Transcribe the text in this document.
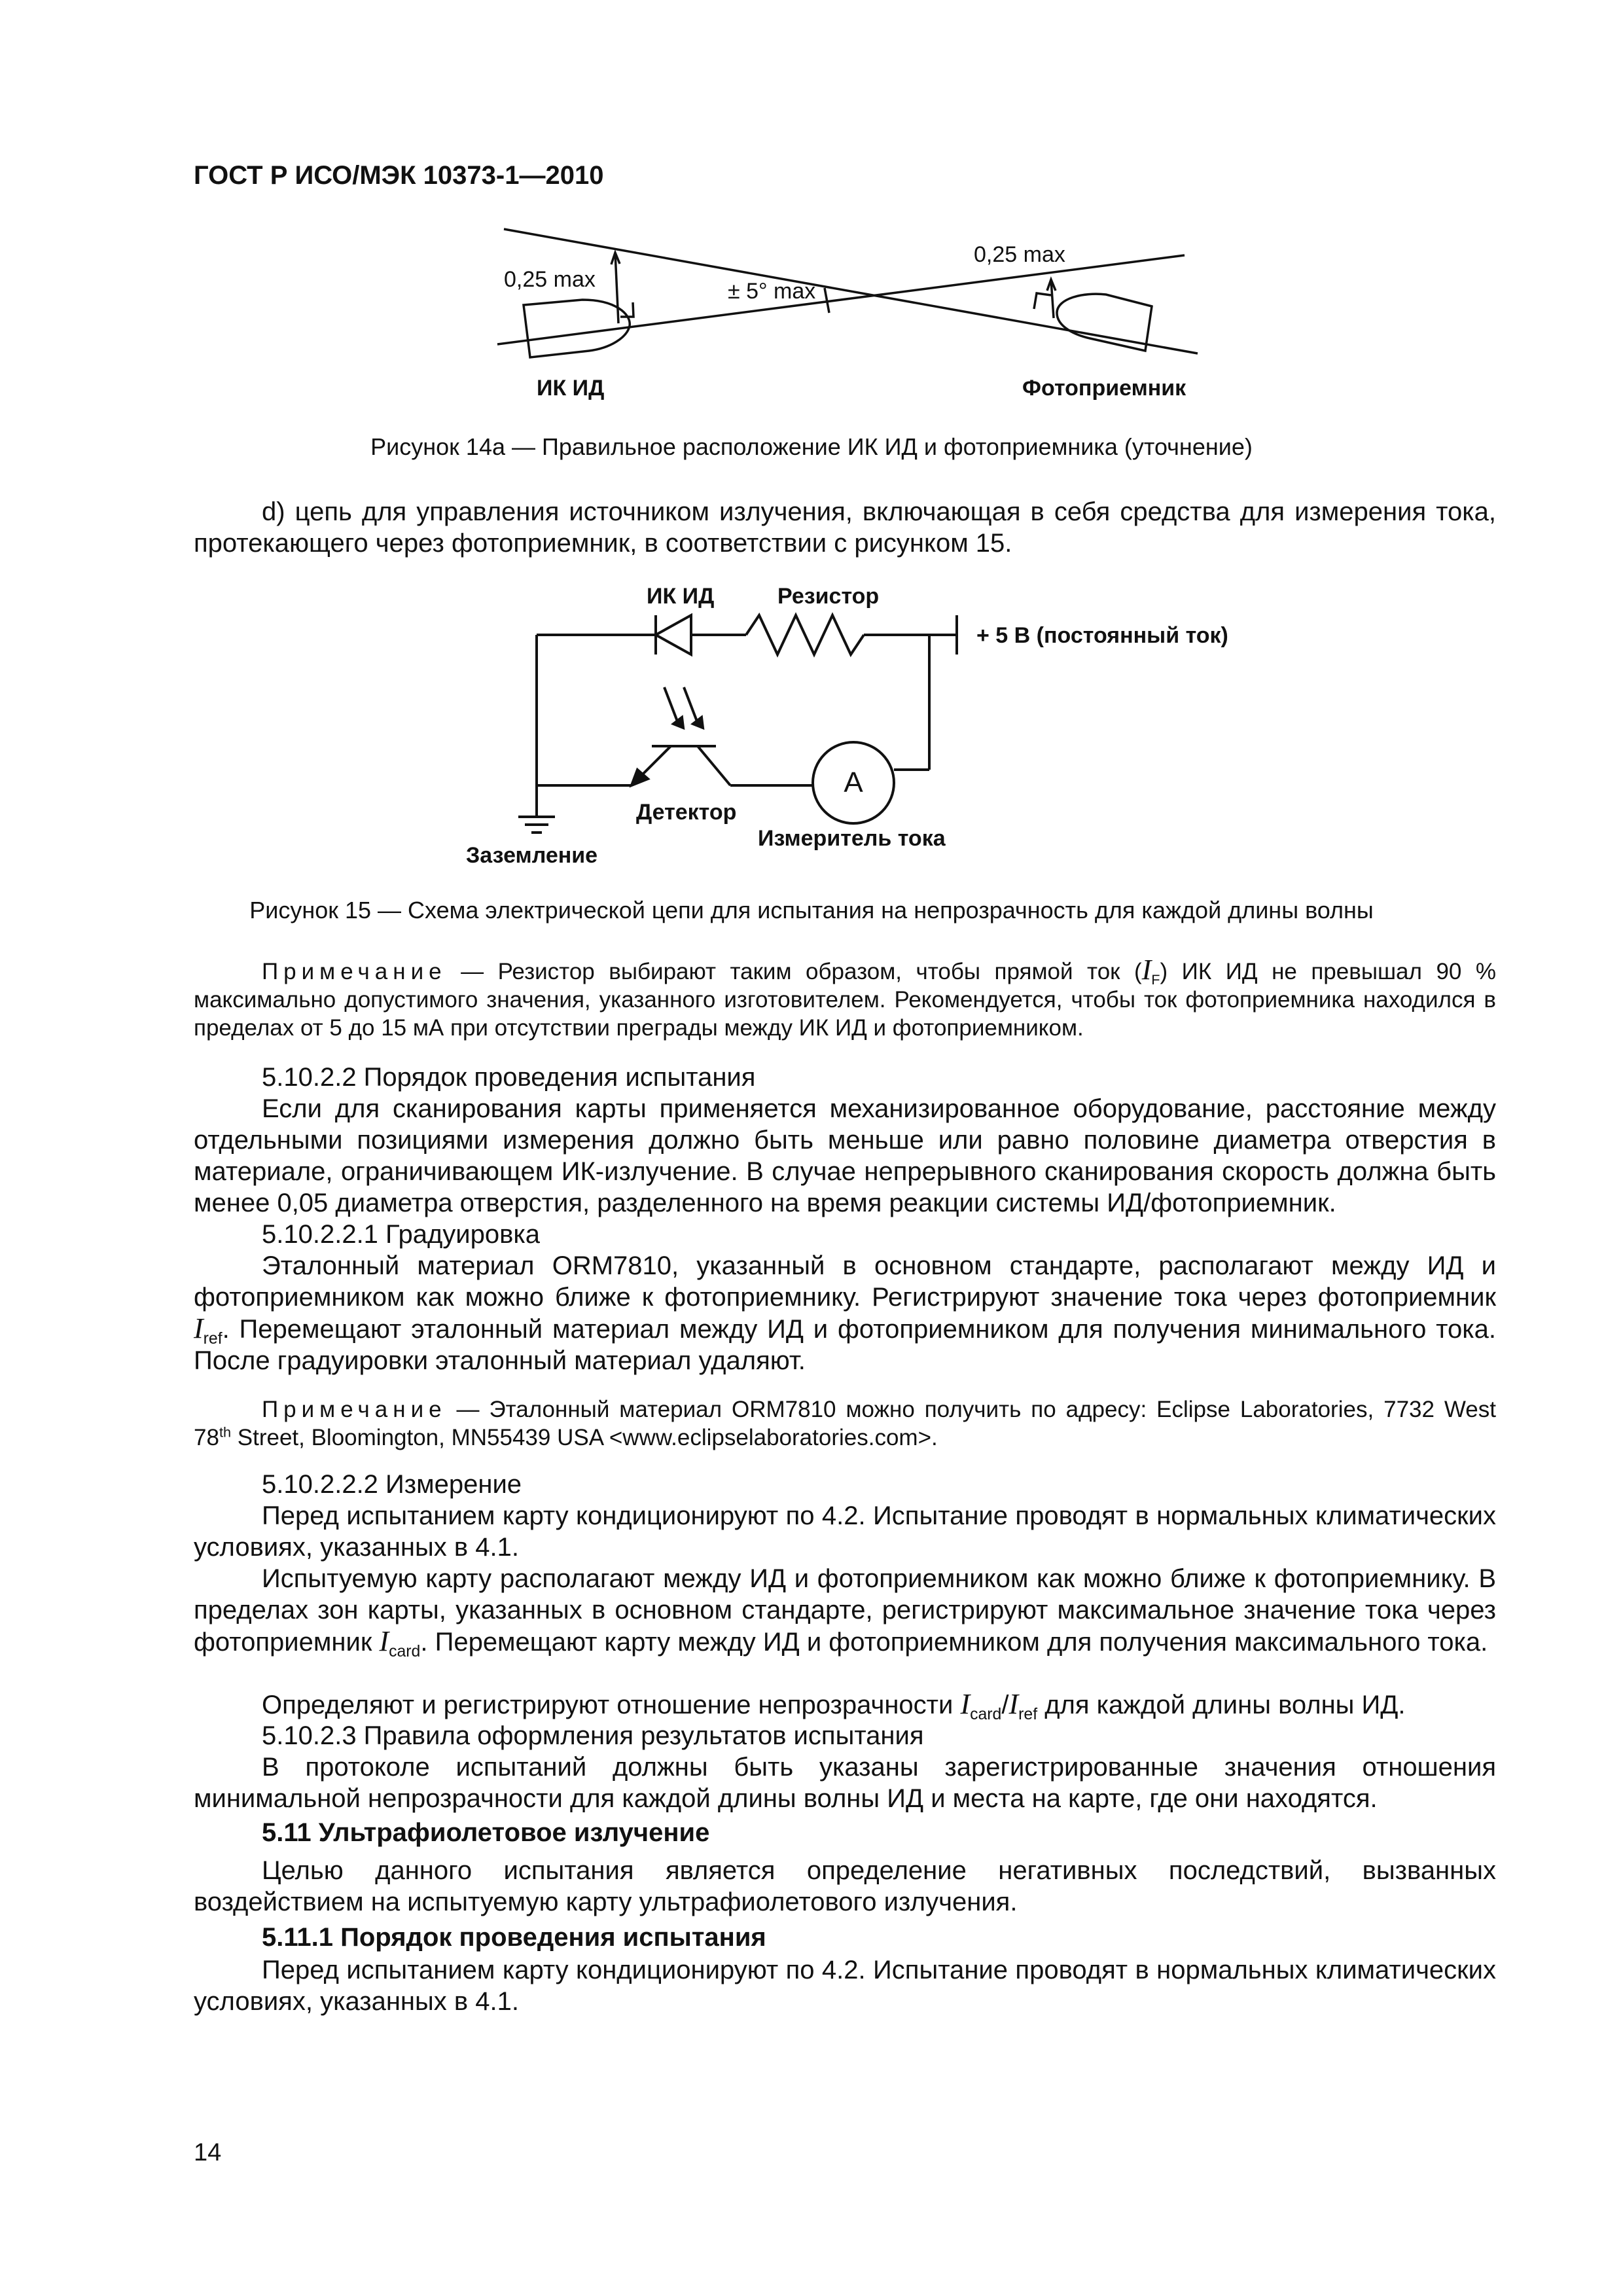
ГОСТ Р ИСО/МЭК 10373-1—2010
0,25 max	± 5° max
0,25 max
ИК ИД	Фотоприемник
Рисунок 14а — Правильное расположение ИК ИД и фотоприемника (уточнение)
d) цепь для управления источником излучения, включающая в себя средства для измерения тока, протекающего через фотоприемник, в соответствии с рисунком 15.
ИК ИД	Резистор
+ 5 В (постоянный ток)
A
Детектор
Измеритель тока
Заземление
Рисунок 15 — Схема электрической цепи для испытания на непрозрачность для каждой длины волны
Примечание — Резистор выбирают таким образом, чтобы прямой ток $(I_F)$ ИК ИД не превышал 90 % максимально допустимого значения, указанного изготовителем. Рекомендуется, чтобы ток фотоприемника находился в пределах от 5 до 15 мА при отсутствии преграды между ИК ИД и фотоприемником.
5.10.2.2 Порядок проведения испытания
Если для сканирования карты применяется механизированное оборудование, расстояние между отдельными позициями измерения должно быть меньше или равно половине диаметра отверстия в материале, ограничивающем ИК-излучение. В случае непрерывного сканирования скорость должна быть менее 0,05 диаметра отверстия, разделенного на время реакции системы ИД/фотоприемник.
5.10.2.2.1 Градуировка
Эталонный материал ORM7810, указанный в основном стандарте, располагают между ИД и фотоприемником как можно ближе к фотоприемнику. Регистрируют значение тока через фотоприемник $I_{ref}$. Перемещают эталонный материал между ИД и фотоприемником для получения минимального тока. После градуировки эталонный материал удаляют.
Примечание — Эталонный материал ORM7810 можно получить по адресу: Eclipse Laboratories, 7732 West 78th Street, Bloomington, MN55439 USA <www.eclipselaboratories.com>.
5.10.2.2.2 Измерение
Перед испытанием карту кондиционируют по 4.2. Испытание проводят в нормальных климатических условиях, указанных в 4.1.
Испытуемую карту располагают между ИД и фотоприемником как можно ближе к фотоприемнику. В пределах зон карты, указанных в основном стандарте, регистрируют максимальное значение тока через фотоприемник $I_{card}$. Перемещают карту между ИД и фотоприемником для получения максимального тока.
Определяют и регистрируют отношение непрозрачности $I_{card}/I_{ref}$ для каждой длины волны ИД.
5.10.2.3 Правила оформления результатов испытания
В протоколе испытаний должны быть указаны зарегистрированные значения отношения минимальной непрозрачности для каждой длины волны ИД и места на карте, где они находятся.
5.11 Ультрафиолетовое излучение
Целью данного испытания является определение негативных последствий, вызванных воздействием на испытуемую карту ультрафиолетового излучения.
5.11.1 Порядок проведения испытания
Перед испытанием карту кондиционируют по 4.2. Испытание проводят в нормальных климатических условиях, указанных в 4.1.
14
